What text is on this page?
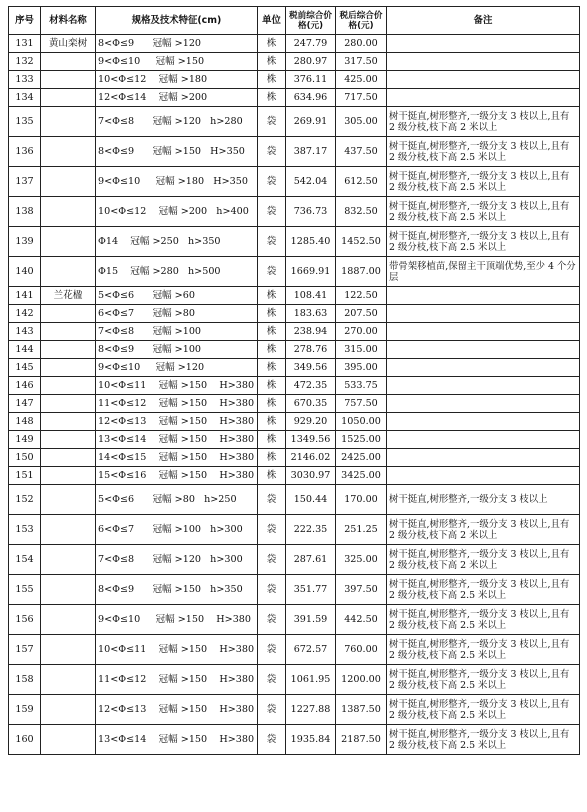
序号	材料名称	规格及技术特征(cm)	单位	税前综合价格(元)	税后综合价格(元)	备注
131	黄山栾树	8<Φ≤9      冠幅 >120	株	247.79	280.00	
132		9<Φ≤10     冠幅 >150	株	280.97	317.50	
133		10<Φ≤12    冠幅 >180	株	376.11	425.00	
134		12<Φ≤14    冠幅 >200	株	634.96	717.50	
135		7<Φ≤8      冠幅 >120   h>280	袋	269.91	305.00	树干挺直,树形整齐,一级分支 3 枝以上,且有 2 级分枝,枝下高 2 米以上
136		8<Φ≤9      冠幅 >150   H>350	袋	387.17	437.50	树干挺直,树形整齐,一级分支 3 枝以上,且有 2 级分枝,枝下高 2.5 米以上
137		9<Φ≤10     冠幅 >180   H>350	袋	542.04	612.50	树干挺直,树形整齐,一级分支 3 枝以上,且有 2 级分枝,枝下高 2.5 米以上
138		10<Φ≤12    冠幅 >200   h>400	袋	736.73	832.50	树干挺直,树形整齐,一级分支 3 枝以上,且有 2 级分枝,枝下高 2.5 米以上
139		Φ14    冠幅 >250   h>350	袋	1285.40	1452.50	树干挺直,树形整齐,一级分支 3 枝以上,且有 2 级分枝,枝下高 2.5 米以上
140		Φ15    冠幅 >280   h>500	袋	1669.91	1887.00	带骨架移植苗,保留主干顶端优势,至少 4 个分层
141	兰花楹	5<Φ≤6      冠幅 >60	株	108.41	122.50	
142		6<Φ≤7      冠幅 >80	株	183.63	207.50	
143		7<Φ≤8      冠幅 >100	株	238.94	270.00	
144		8<Φ≤9      冠幅 >100	株	278.76	315.00	
145		9<Φ≤10     冠幅 >120	株	349.56	395.00	
146		10<Φ≤11    冠幅 >150    H>380	株	472.35	533.75	
147		11<Φ≤12    冠幅 >150    H>380	株	670.35	757.50	
148		12<Φ≤13    冠幅 >150    H>380	株	929.20	1050.00	
149		13<Φ≤14    冠幅 >150    H>380	株	1349.56	1525.00	
150		14<Φ≤15    冠幅 >150    H>380	株	2146.02	2425.00	
151		15<Φ≤16    冠幅 >150    H>380	株	3030.97	3425.00	
152		5<Φ≤6      冠幅 >80   h>250	袋	150.44	170.00	树干挺直,树形整齐,一级分支 3 枝以上
153		6<Φ≤7      冠幅 >100   h>300	袋	222.35	251.25	树干挺直,树形整齐,一级分支 3 枝以上,且有 2 级分枝,枝下高 2 米以上
154		7<Φ≤8      冠幅 >120   h>300	袋	287.61	325.00	树干挺直,树形整齐,一级分支 3 枝以上,且有 2 级分枝,枝下高 2 米以上
155		8<Φ≤9      冠幅 >150   h>350	袋	351.77	397.50	树干挺直,树形整齐,一级分支 3 枝以上,且有 2 级分枝,枝下高 2.5 米以上
156		9<Φ≤10     冠幅 >150    H>380	袋	391.59	442.50	树干挺直,树形整齐,一级分支 3 枝以上,且有 2 级分枝,枝下高 2.5 米以上
157		10<Φ≤11    冠幅 >150    H>380	袋	672.57	760.00	树干挺直,树形整齐,一级分支 3 枝以上,且有 2 级分枝,枝下高 2.5 米以上
158		11<Φ≤12    冠幅 >150    H>380	袋	1061.95	1200.00	树干挺直,树形整齐,一级分支 3 枝以上,且有 2 级分枝,枝下高 2.5 米以上
159		12<Φ≤13    冠幅 >150    H>380	袋	1227.88	1387.50	树干挺直,树形整齐,一级分支 3 枝以上,且有 2 级分枝,枝下高 2.5 米以上
160		13<Φ≤14    冠幅 >150    H>380	袋	1935.84	2187.50	树干挺直,树形整齐,一级分支 3 枝以上,且有 2 级分枝,枝下高 2.5 米以上
